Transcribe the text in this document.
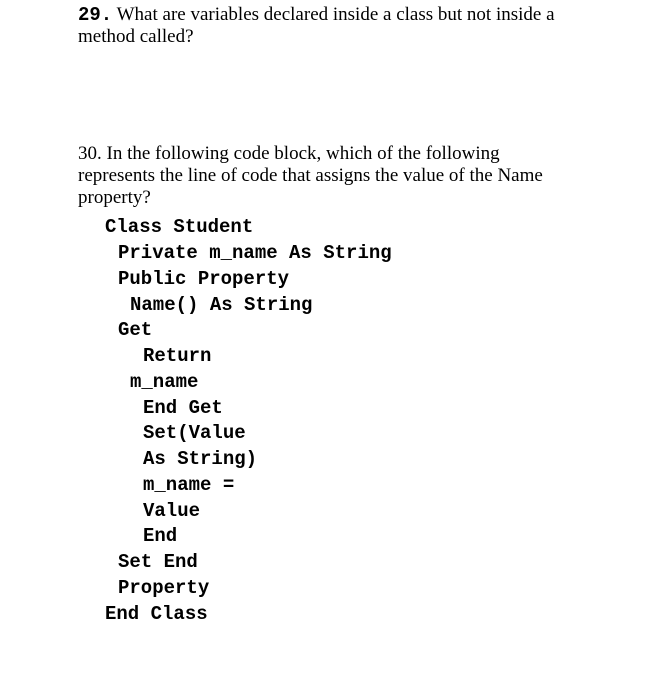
29. What are variables declared inside a class but not inside a method called?
30. In the following code block, which of the following represents the line of code that assigns the value of the Name property?
Class Student
Private m_name As String
Public Property
Name() As String
Get
Return
m_name
End Get
Set(Value
As String)
m_name =
Value
End
Set End
Property
End Class
